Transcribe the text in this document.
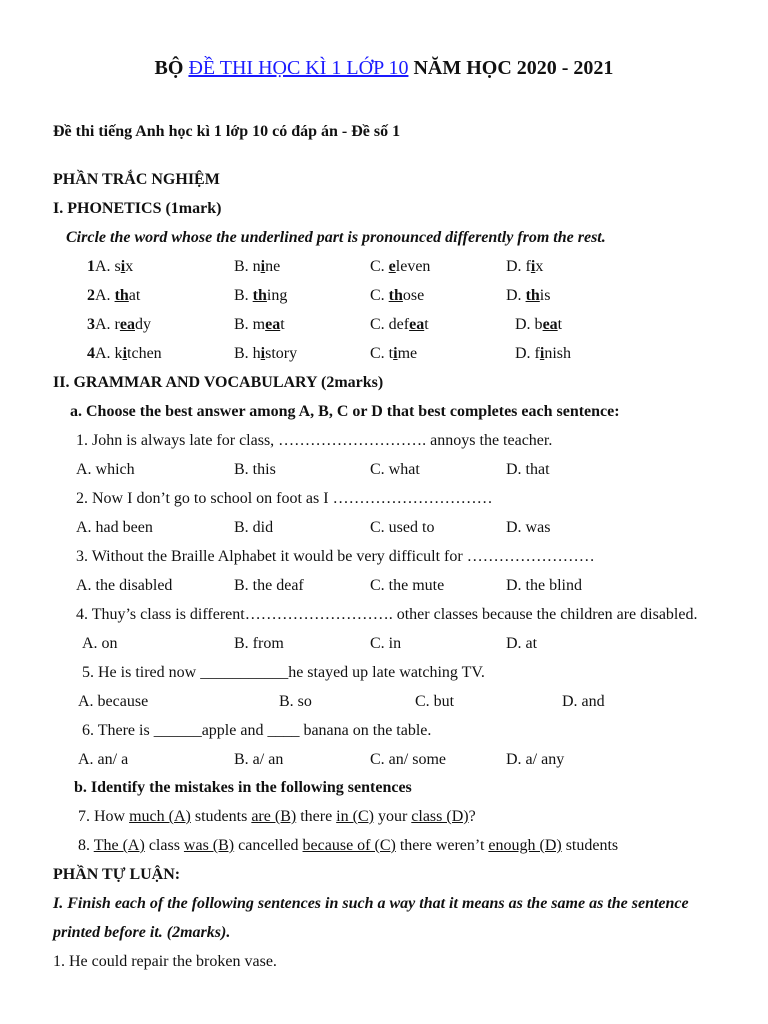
BỘ ĐỀ THI HỌC KÌ 1 LỚP 10 NĂM HỌC 2020 - 2021
Đề thi tiếng Anh học kì 1 lớp 10 có đáp án - Đề số 1
PHẦN TRẮC NGHIỆM
I. PHONETICS (1mark)
Circle the word whose the underlined part is pronounced differently from the rest.
1 A. six	B. nine	C. eleven	D. fix
2 A. that	B. thing	C. those	D. this
3 A. ready	B. meat	C. defeat	D. beat
4 A. kitchen	B. history	C. time	D. finish
II. GRAMMAR AND VOCABULARY (2marks)
a. Choose the best answer among A, B, C or D that best completes each sentence:
1. John is always late for class, ………………………. annoys the teacher.
A. which	B. this	C. what	D. that
2. Now I don’t go to school on foot as I …………………………
A. had been	B. did	C. used to	D. was
3. Without the Braille Alphabet it would be very difficult for ……………………
A. the disabled	B. the deaf	C. the mute	D. the blind
4. Thuy’s class is different………………………. other classes because the children are disabled.
A. on	B. from	C. in	D. at
5. He is tired now ___________he stayed up late watching TV.
A. because	B. so	C. but	D. and
6. There is ______apple and ____ banana on the table.
A. an/ a	B. a/ an	C. an/ some	D. a/ any
b. Identify the mistakes in the following sentences
7. How much (A) students are (B) there in (C) your class (D)?
8. The (A) class was (B) cancelled because of (C) there weren’t enough (D) students
PHẦN TỰ LUẬN:
I. Finish each of the following sentences in such a way that it means as the same as the sentence
printed before it. (2marks).
1. He could repair the broken vase.
